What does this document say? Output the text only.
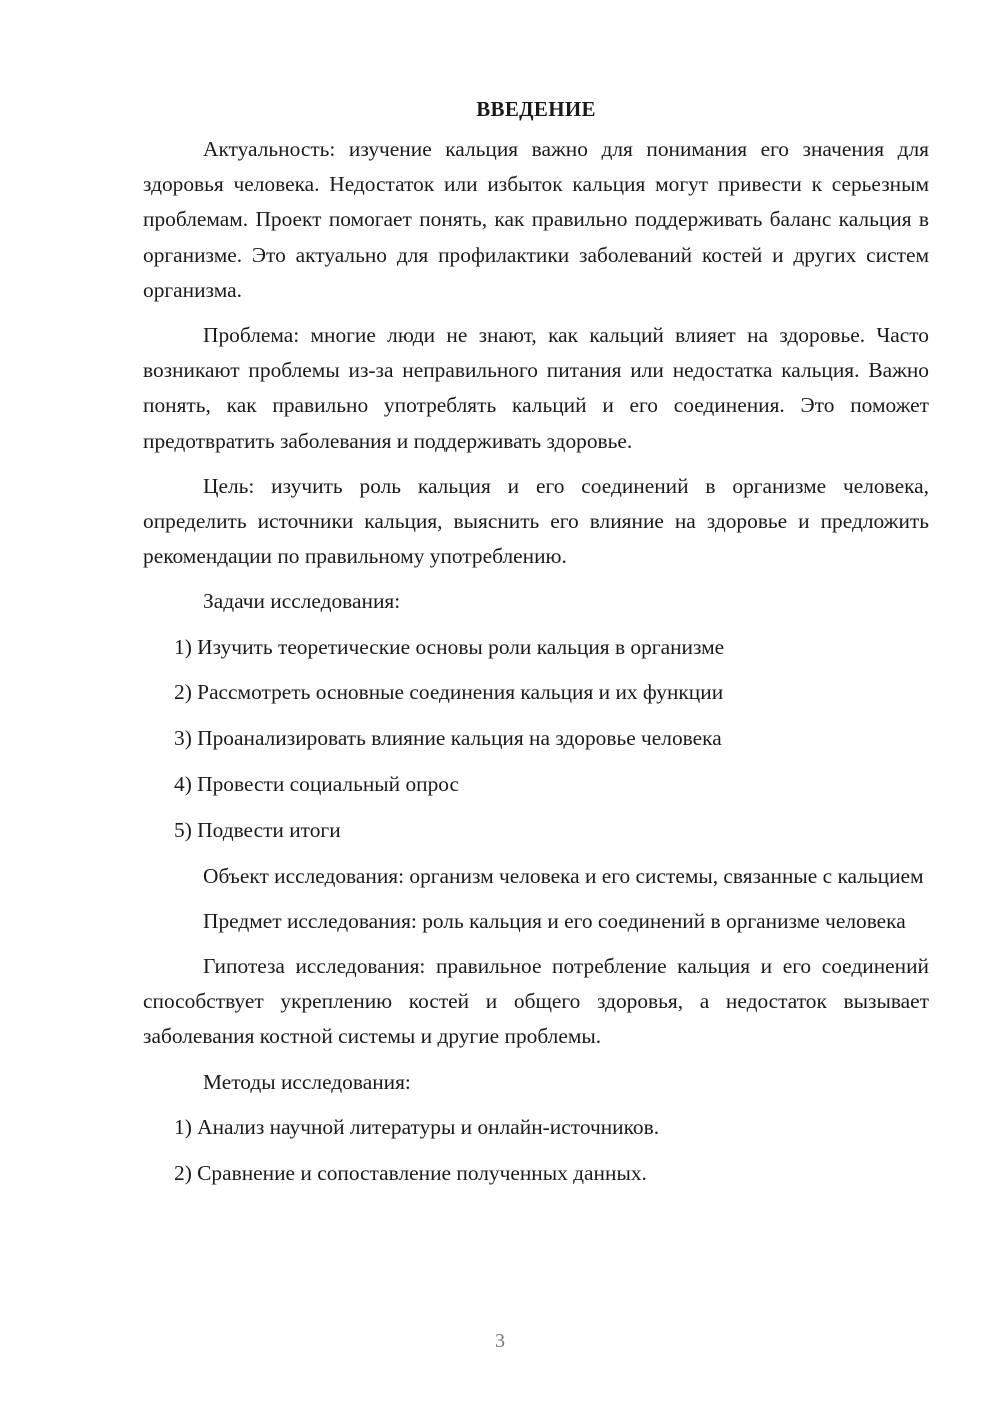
ВВЕДЕНИЕ

Актуальность: изучение кальция важно для понимания его значения для здоровья человека. Недостаток или избыток кальция могут привести к серьезным проблемам. Проект помогает понять, как правильно поддерживать баланс кальция в организме. Это актуально для профилактики заболеваний костей и других систем организма.

Проблема: многие люди не знают, как кальций влияет на здоровье. Часто возникают проблемы из-за неправильного питания или недостатка кальция. Важно понять, как правильно употреблять кальций и его соединения. Это поможет предотвратить заболевания и поддерживать здоровье.

Цель: изучить роль кальция и его соединений в организме человека, определить источники кальция, выяснить его влияние на здоровье и предложить рекомендации по правильному употреблению.

Задачи исследования:
1) Изучить теоретические основы роли кальция в организме
2) Рассмотреть основные соединения кальция и их функции
3) Проанализировать влияние кальция на здоровье человека
4) Провести социальный опрос
5) Подвести итоги

Объект исследования: организм человека и его системы, связанные с кальцием

Предмет исследования: роль кальция и его соединений в организме человека

Гипотеза исследования: правильное потребление кальция и его соединений способствует укреплению костей и общего здоровья, а недостаток вызывает заболевания костной системы и другие проблемы.

Методы исследования:
1) Анализ научной литературы и онлайн-источников.
2) Сравнение и сопоставление полученных данных.
3
